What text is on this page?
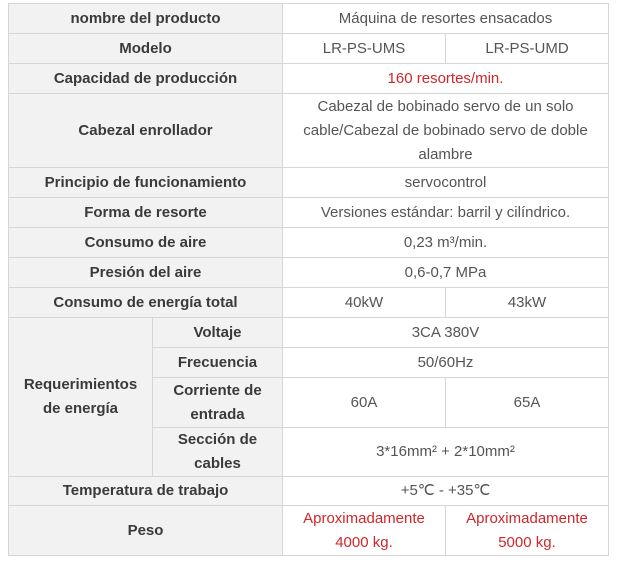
nombre del producto		Máquina de resortes ensacados	
Modelo		LR-PS-UMS	LR-PS-UMD
Capacidad de producción		160 resortes/min.	
Cabezal enrollador		Cabezal de bobinado servo de un solo cable/Cabezal de bobinado servo de doble alambre	
Principio de funcionamiento		servocontrol	
Forma de resorte		Versiones estándar: barril y cilíndrico.	
Consumo de aire		0,23 m³/min.	
Presión del aire		0,6-0,7 MPa	
Consumo de energía total		40kW	43kW
Requerimientos de energía	Voltaje	3CA 380V	
	Frecuencia	50/60Hz	
	Corriente de entrada	60A	65A
	Sección de cables	3*16mm² + 2*10mm²	
Temperatura de trabajo		+5℃ - +35℃	
Peso		Aproximadamente 4000 kg.	Aproximadamente 5000 kg.
